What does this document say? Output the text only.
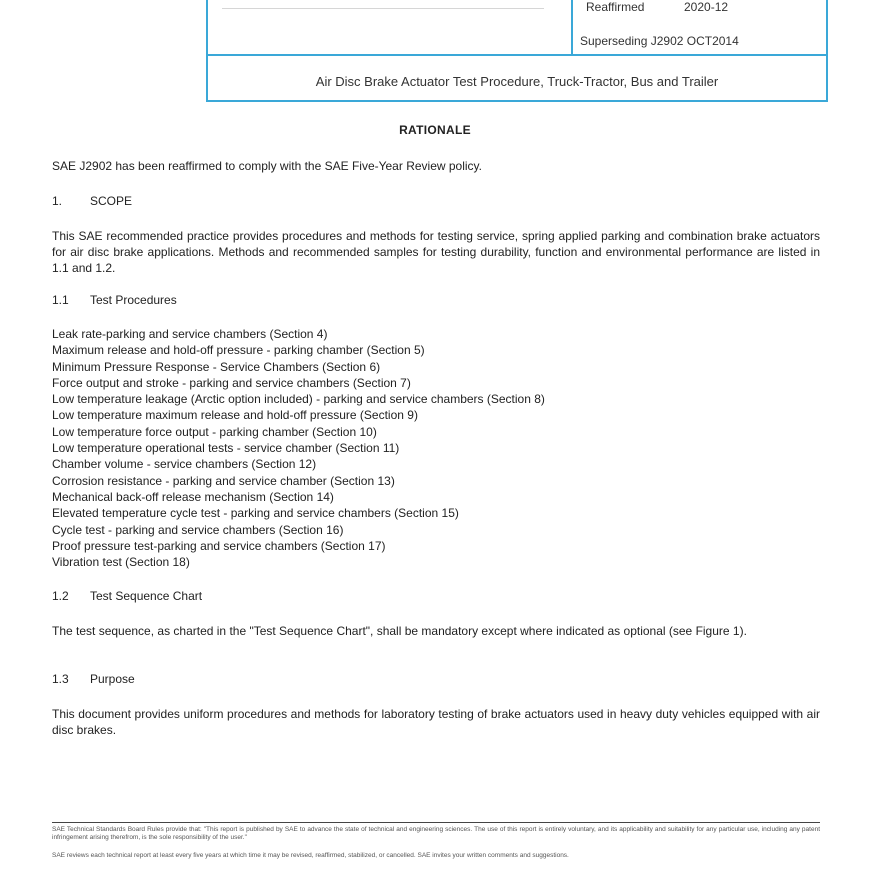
Reaffirmed	2020-12
Superseding J2902 OCT2014
Air Disc Brake Actuator Test Procedure, Truck-Tractor, Bus and Trailer
RATIONALE
SAE J2902 has been reaffirmed to comply with the SAE Five-Year Review policy.
1. SCOPE
This SAE recommended practice provides procedures and methods for testing service, spring applied parking and combination brake actuators for air disc brake applications. Methods and recommended samples for testing durability, function and environmental performance are listed in 1.1 and 1.2.
1.1 Test Procedures
Leak rate-parking and service chambers (Section 4)
Maximum release and hold-off pressure - parking chamber (Section 5)
Minimum Pressure Response - Service Chambers (Section 6)
Force output and stroke - parking and service chambers (Section 7)
Low temperature leakage (Arctic option included) - parking and service chambers (Section 8)
Low temperature maximum release and hold-off pressure (Section 9)
Low temperature force output - parking chamber (Section 10)
Low temperature operational tests - service chamber (Section 11)
Chamber volume - service chambers (Section 12)
Corrosion resistance - parking and service chamber (Section 13)
Mechanical back-off release mechanism (Section 14)
Elevated temperature cycle test - parking and service chambers (Section 15)
Cycle test - parking and service chambers (Section 16)
Proof pressure test-parking and service chambers (Section 17)
Vibration test (Section 18)
1.2 Test Sequence Chart
The test sequence, as charted in the "Test Sequence Chart", shall be mandatory except where indicated as optional (see Figure 1).
1.3 Purpose
This document provides uniform procedures and methods for laboratory testing of brake actuators used in heavy duty vehicles equipped with air disc brakes.
SAE Technical Standards Board Rules provide that: "This report is published by SAE to advance the state of technical and engineering sciences. The use of this report is entirely voluntary, and its applicability and suitability for any particular use, including any patent infringement arising therefrom, is the sole responsibility of the user."
SAE reviews each technical report at least every five years at which time it may be revised, reaffirmed, stabilized, or cancelled. SAE invites your written comments and suggestions.
